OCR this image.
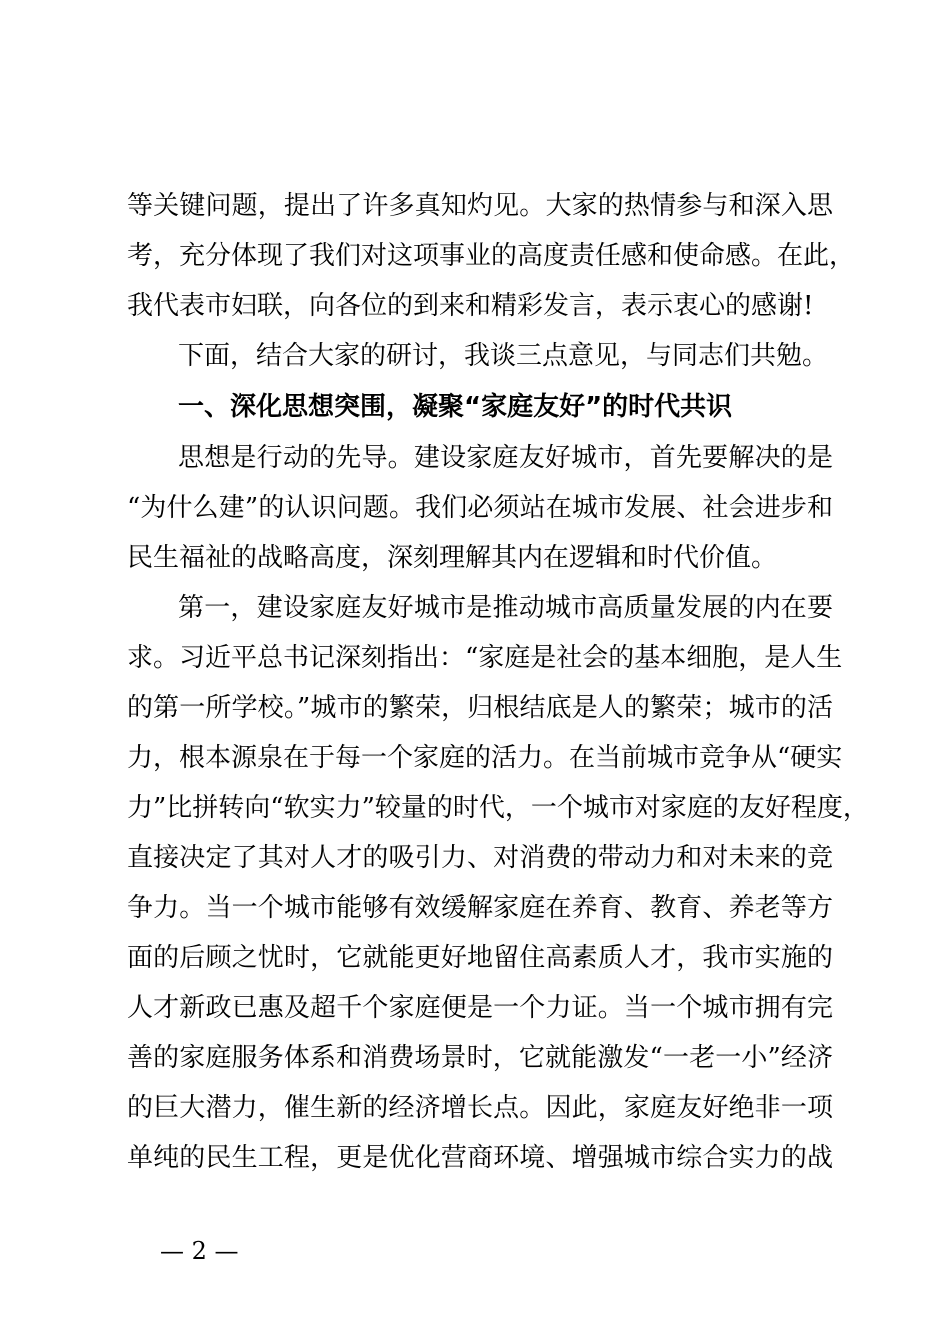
等关键问题，提出了许多真知灼见。大家的热情参与和深入思
考，充分体现了我们对这项事业的高度责任感和使命感。在此，
我代表市妇联，向各位的到来和精彩发言，表示衷心的感谢!
下面，结合大家的研讨，我谈三点意见，与同志们共勉。
一、深化思想突围，凝聚“家庭友好”的时代共识
思想是行动的先导。建设家庭友好城市，首先要解决的是
“为什么建”的认识问题。我们必须站在城市发展、社会进步和
民生福祉的战略高度，深刻理解其内在逻辑和时代价值。
第一，建设家庭友好城市是推动城市高质量发展的内在要
求。习近平总书记深刻指出：“家庭是社会的基本细胞，是人生
的第一所学校。”城市的繁荣，归根结底是人的繁荣；城市的活
力，根本源泉在于每一个家庭的活力。在当前城市竞争从“硬实
力”比拼转向“软实力”较量的时代，一个城市对家庭的友好程度，
直接决定了其对人才的吸引力、对消费的带动力和对未来的竞
争力。当一个城市能够有效缓解家庭在养育、教育、养老等方
面的后顾之忧时，它就能更好地留住高素质人才，我市实施的
人才新政已惠及超千个家庭便是一个力证。当一个城市拥有完
善的家庭服务体系和消费场景时，它就能激发“一老一小”经济
的巨大潜力，催生新的经济增长点。因此，家庭友好绝非一项
单纯的民生工程，更是优化营商环境、增强城市综合实力的战
— 2 —
